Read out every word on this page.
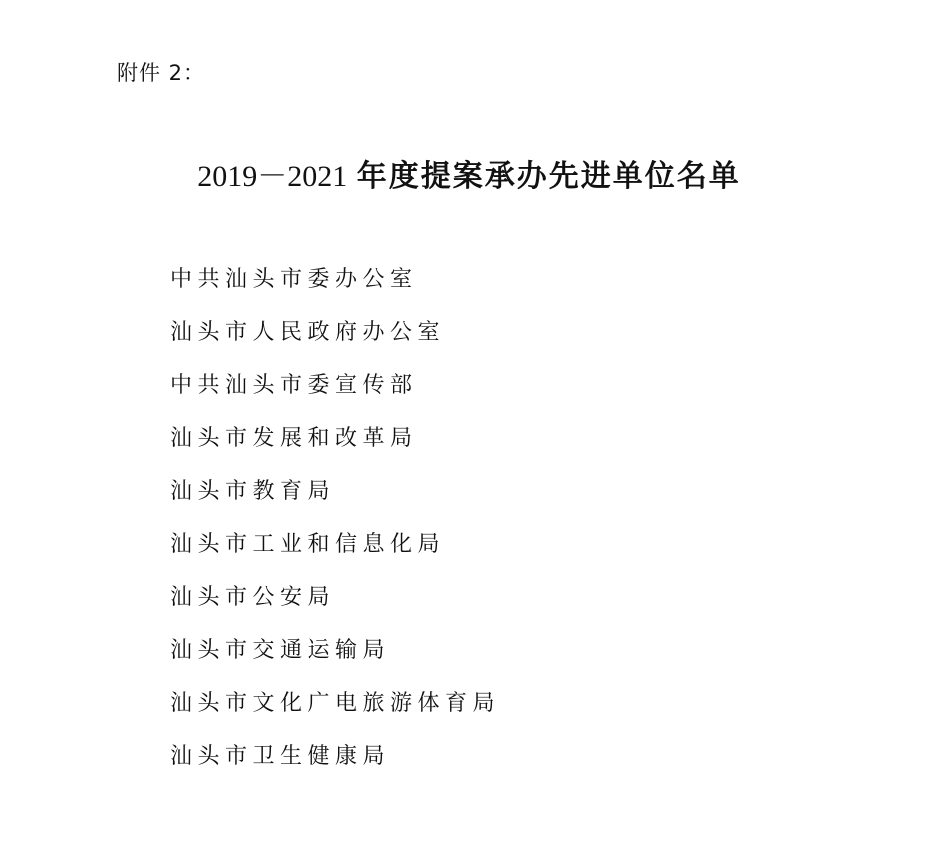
附件 2：
2019－2021 年度提案承办先进单位名单
中共汕头市委办公室
汕头市人民政府办公室
中共汕头市委宣传部
汕头市发展和改革局
汕头市教育局
汕头市工业和信息化局
汕头市公安局
汕头市交通运输局
汕头市文化广电旅游体育局
汕头市卫生健康局
